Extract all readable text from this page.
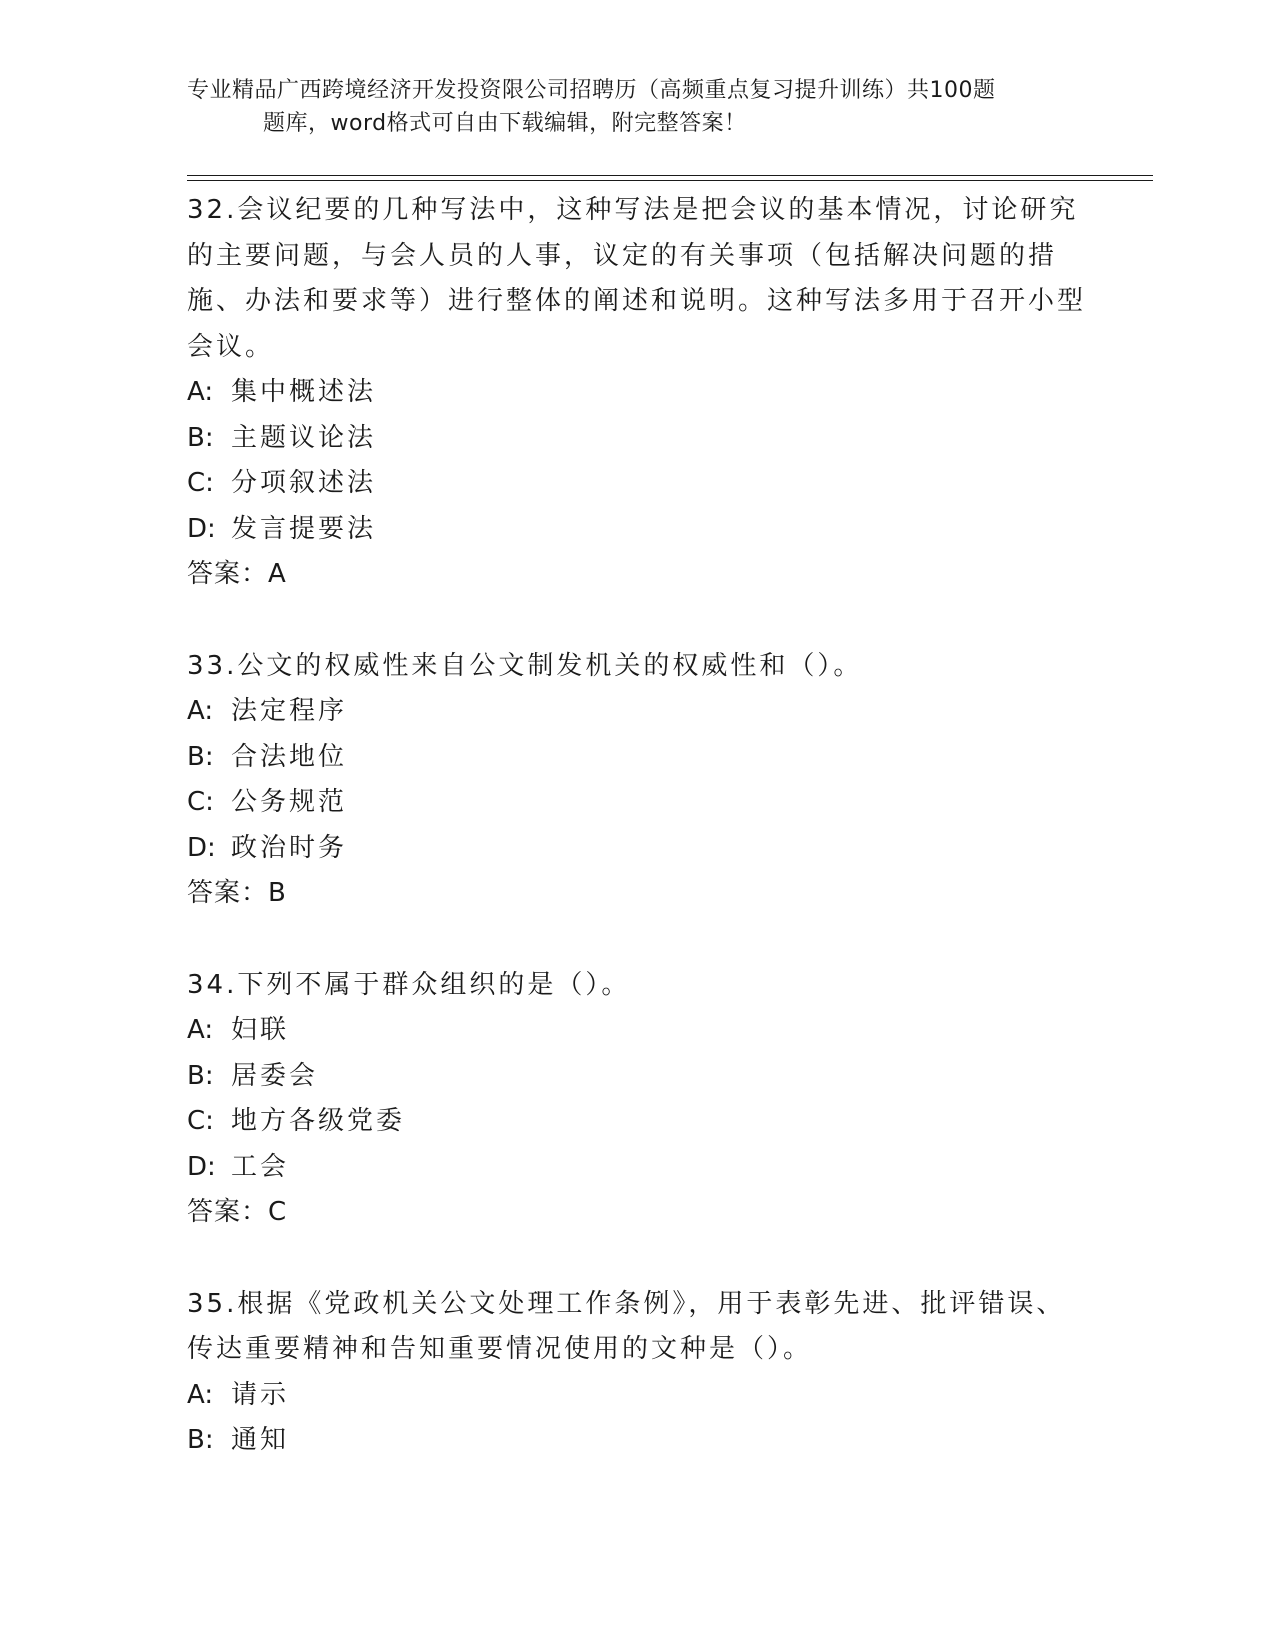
专业精品广西跨境经济开发投资限公司招聘历（高频重点复习提升训练）共100题
题库，word格式可自由下载编辑，附完整答案！

32.会议纪要的几种写法中，这种写法是把会议的基本情况，讨论研究的主要问题，与会人员的人事，议定的有关事项（包括解决问题的措施、办法和要求等）进行整体的阐述和说明。这种写法多用于召开小型会议。

A: 集中概述法

B: 主题议论法

C: 分项叙述法

D: 发言提要法

答案：A

33.公文的权威性来自公文制发机关的权威性和（）。

A: 法定程序

B: 合法地位

C: 公务规范

D: 政治时务

答案：B

34.下列不属于群众组织的是（）。

A: 妇联

B: 居委会

C: 地方各级党委

D: 工会

答案：C

35.根据《党政机关公文处理工作条例》，用于表彰先进、批评错误、传达重要精神和告知重要情况使用的文种是（）。

A: 请示

B: 通知
